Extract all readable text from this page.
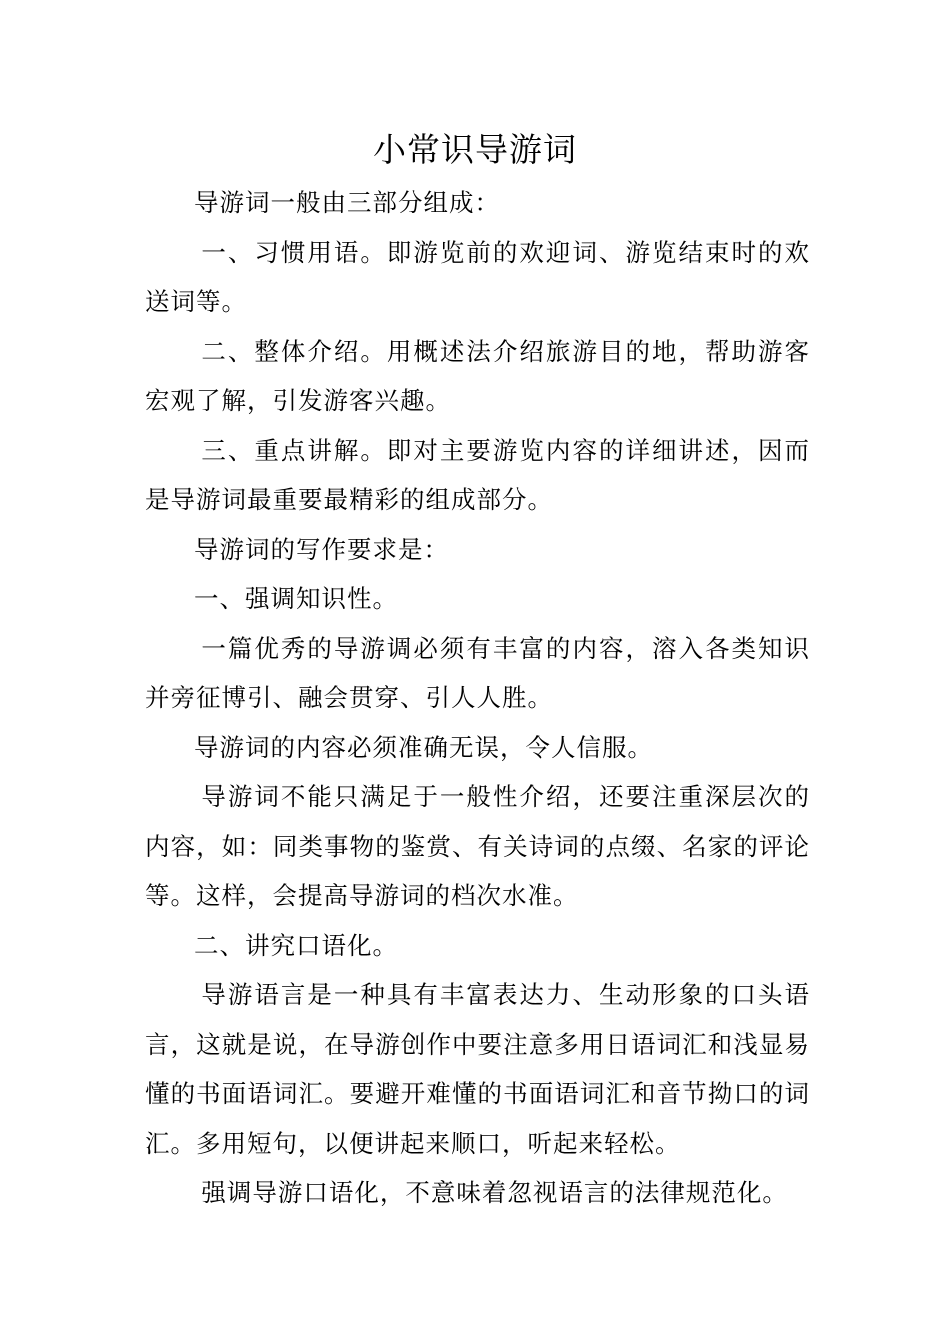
小常识导游词

导游词一般由三部分组成：

一、习惯用语。即游览前的欢迎词、游览结束时的欢送词等。

二、整体介绍。用概述法介绍旅游目的地，帮助游客宏观了解，引发游客兴趣。

三、重点讲解。即对主要游览内容的详细讲述，因而是导游词最重要最精彩的组成部分。

导游词的写作要求是：

一、强调知识性。

一篇优秀的导游调必须有丰富的内容，溶入各类知识并旁征博引、融会贯穿、引人人胜。

导游词的内容必须准确无误，令人信服。

导游词不能只满足于一般性介绍，还要注重深层次的内容，如：同类事物的鉴赏、有关诗词的点缀、名家的评论等。这样，会提高导游词的档次水准。

二、讲究口语化。

导游语言是一种具有丰富表达力、生动形象的口头语言，这就是说，在导游创作中要注意多用日语词汇和浅显易懂的书面语词汇。要避开难懂的书面语词汇和音节拗口的词汇。多用短句，以便讲起来顺口，听起来轻松。

强调导游口语化，不意味着忽视语言的法律规范化。
